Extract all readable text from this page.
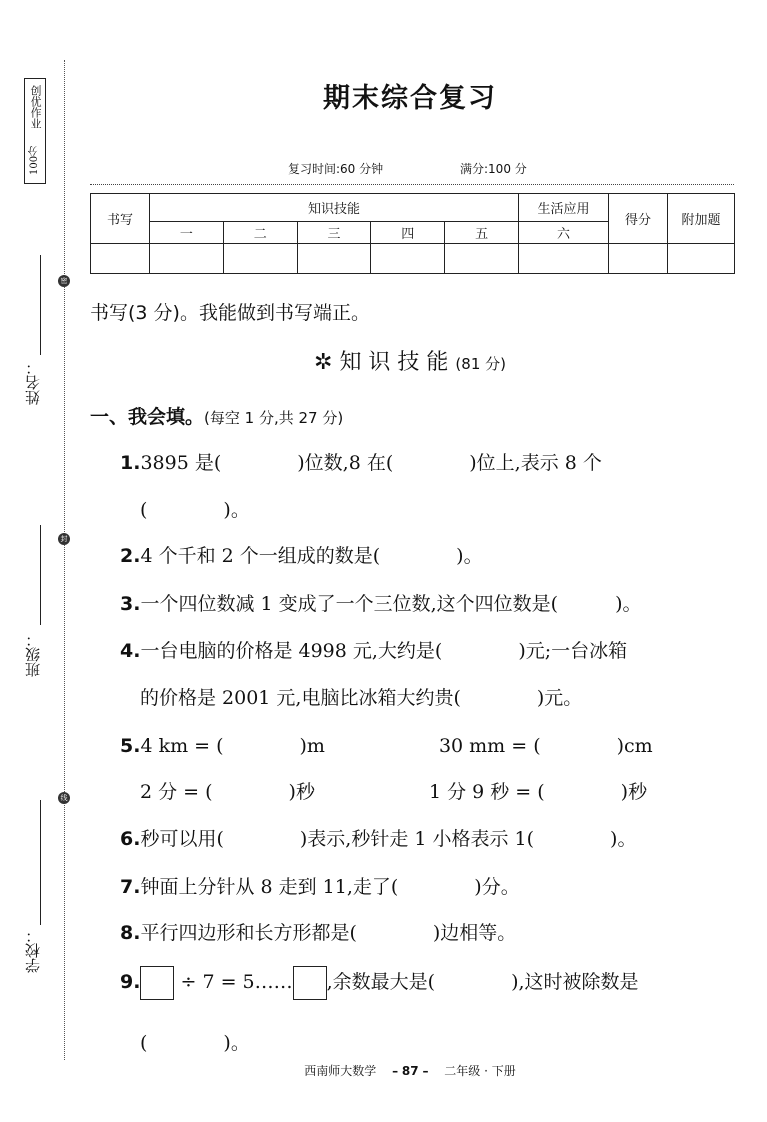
创优作业
100分
密
封
线
姓名：
班级：
学校：
期末综合复习
复习时间:60 分钟	满分:100 分
书写	知识技能					生活应用	得分	附加题
	一	二	三	四	五	六		

书写(3 分)。我能做到书写端正。
✲ 知 识 技 能 (81 分)
一、我会填。(每空 1 分,共 27 分)
1.3895 是(　　　　)位数,8 在(　　　　)位上,表示 8 个
(　　　　)。
2.4 个千和 2 个一组成的数是(　　　　)。
3.一个四位数减 1 变成了一个三位数,这个四位数是(　　　)。
4.一台电脑的价格是 4998 元,大约是(　　　　)元;一台冰箱
的价格是 2001 元,电脑比冰箱大约贵(　　　　)元。
5.4 km = (　　　　)m　　　　　　30 mm = (　　　　)cm
2 分 = (　　　　)秒　　　　　　1 分 9 秒 = (　　　　)秒
6.秒可以用(　　　　)表示,秒针走 1 小格表示 1(　　　　)。
7.钟面上分针从 8 走到 11,走了(　　　　)分。
8.平行四边形和长方形都是(　　　　)边相等。
9. ÷ 7 = 5…… ,余数最大是(　　　　),这时被除数是
(　　　　)。
西南师大数学 　 – 87 –　 二年级 · 下册
